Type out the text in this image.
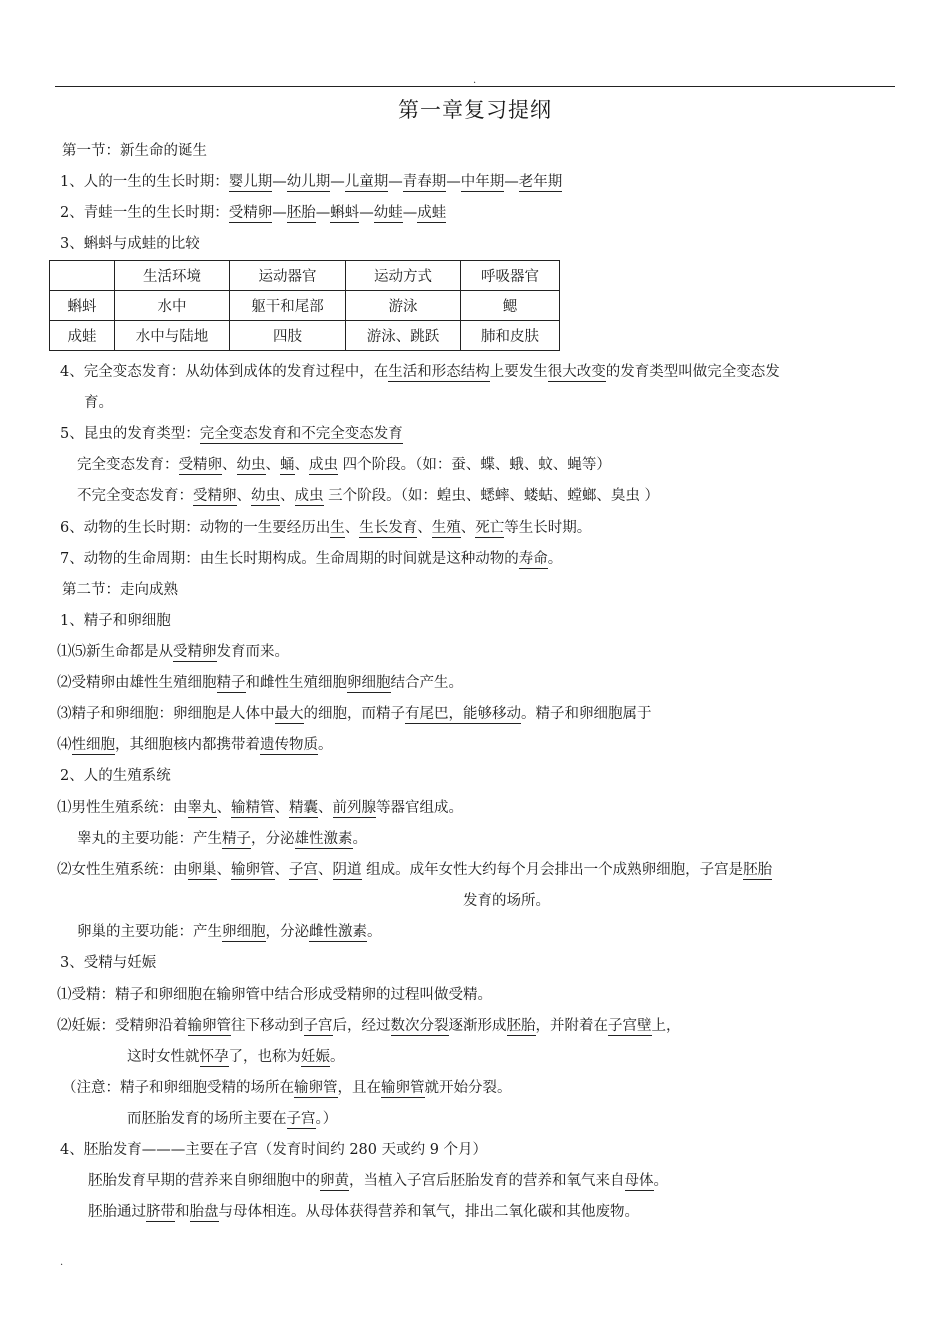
.
第一章复习提纲
第一节：新生命的诞生
1、人的一生的生长时期：婴儿期—幼儿期—儿童期—青春期—中年期—老年期
2、青蛙一生的生长时期：受精卵—胚胎—蝌蚪—幼蛙—成蛙
3、蝌蚪与成蛙的比较
	生活环境	运动器官	运动方式	呼吸器官
蝌蚪	水中	躯干和尾部	游泳	鳃
成蛙	水中与陆地	四肢	游泳、跳跃	肺和皮肤
4、完全变态发育：从幼体到成体的发育过程中，在生活和形态结构上要发生很大改变的发育类型叫做完全变态发
育。
5、昆虫的发育类型：完全变态发育和不完全变态发育
完全变态发育：受精卵、幼虫、蛹、成虫 四个阶段。（如：蚕、蝶、蛾、蚊、蝇等）
不完全变态发育：受精卵、幼虫、成虫 三个阶段。（如：蝗虫、蟋蟀、蝼蛄、螳螂、臭虫 ）
6、动物的生长时期：动物的一生要经历出生、生长发育、生殖、死亡等生长时期。
7、动物的生命周期：由生长时期构成。生命周期的时间就是这种动物的寿命。
第二节：走向成熟
1、精子和卵细胞
⑴⑸新生命都是从受精卵发育而来。
⑵受精卵由雄性生殖细胞精子和雌性生殖细胞卵细胞结合产生。
⑶精子和卵细胞：卵细胞是人体中最大的细胞，而精子有尾巴，能够移动。精子和卵细胞属于
⑷性细胞，其细胞核内都携带着遗传物质。
2、人的生殖系统
⑴男性生殖系统：由睾丸、输精管、精囊、前列腺等器官组成。
睾丸的主要功能：产生精子，分泌雄性激素。
⑵女性生殖系统：由卵巢、输卵管、子宫、阴道 组成。成年女性大约每个月会排出一个成熟卵细胞，子宫是胚胎
发育的场所。
卵巢的主要功能：产生卵细胞，分泌雌性激素。
3、受精与妊娠
⑴受精：精子和卵细胞在输卵管中结合形成受精卵的过程叫做受精。
⑵妊娠：受精卵沿着输卵管往下移动到子宫后，经过数次分裂逐渐形成胚胎，并附着在子宫壁上，
这时女性就怀孕了，也称为妊娠。
（注意：精子和卵细胞受精的场所在输卵管，且在输卵管就开始分裂。
而胚胎发育的场所主要在子宫。）
4、胚胎发育———主要在子宫（发育时间约 280 天或约 9 个月）
胚胎发育早期的营养来自卵细胞中的卵黄，当植入子宫后胚胎发育的营养和氧气来自母体。
胚胎通过脐带和胎盘与母体相连。从母体获得营养和氧气，排出二氧化碳和其他废物。
.
